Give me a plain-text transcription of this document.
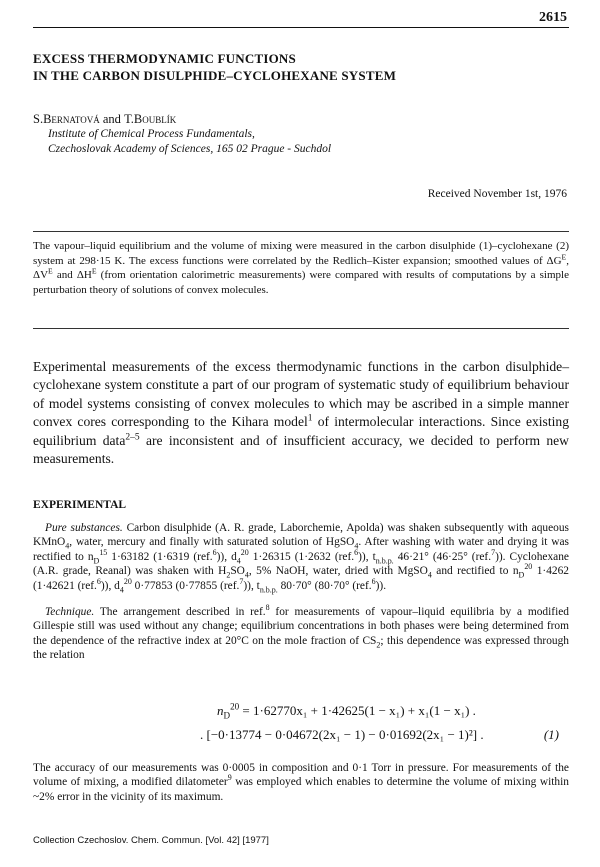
2615
EXCESS THERMODYNAMIC FUNCTIONS
IN THE CARBON DISULPHIDE–CYCLOHEXANE SYSTEM
S.Bernatová and T.Boublík
Institute of Chemical Process Fundamentals,
Czechoslovak Academy of Sciences, 165 02 Prague - Suchdol
Received November 1st, 1976
The vapour–liquid equilibrium and the volume of mixing were measured in the carbon disulphide (1)–cyclohexane (2) system at 298·15 K. The excess functions were correlated by the Redlich–Kister expansion; smoothed values of $\Delta G^E$, $\Delta V^E$ and $\Delta H^E$ (from orientation calorimetric measurements) were compared with results of computations by a simple perturbation theory of solutions of convex molecules.
Experimental measurements of the excess thermodynamic functions in the carbon disulphide–cyclohexane system constitute a part of our program of systematic study of equilibrium behaviour of model systems consisting of convex molecules to which may be ascribed in a simple manner convex cores corresponding to the Kihara model$^1$ of intermolecular interactions. Since existing equilibrium data$^{2-5}$ are inconsistent and of insufficient accuracy, we decided to perform new measurements.
EXPERIMENTAL

Pure substances. Carbon disulphide (A. R. grade, Laborchemie, Apolda) was shaken subsequently with aqueous KMnO$_4$, water, mercury and finally with saturated solution of HgSO$_4$. After washing with water and drying it was rectified to $n_D^{15}$ 1·63182 (1·6319 (ref.$^6$)), $d_4^{20}$ 1·26315 (1·2632 (ref.$^6$)), $t_{n.b.p.}$ 46·21° (46·25° (ref.$^7$)). Cyclohexane (A.R. grade, Reanal) was shaken with $H_2SO_4$, 5% NaOH, water, dried with MgSO$_4$ and rectified to $n_D^{20}$ 1·4262 (1·42621 (ref.$^6$)), $d_4^{20}$ 0·77853 (0·77855 (ref.$^7$)), $t_{n.b.p.}$ 80·70° (80·70° (ref.$^6$)).

Technique. The arrangement described in ref.$^8$ for measurements of vapour–liquid equilibria by a modified Gillespie still was used without any change; equilibrium concentrations in both phases were being determined from the dependence of the refractive index at 20°C on the mole fraction of $CS_2$; this dependence was expressed through the relation

$n_D^{20} = 1\cdot 62770x_1 + 1\cdot 42625(1 - x_1) + x_1(1 - x_1)$ .
. [−0·13774 − 0·04672(2x₁ − 1) − 0·01692(2x₁ − 1)²] .	(1)
The accuracy of our measurements was 0·0005 in composition and 0·1 Torr in pressure. For measurements of the volume of mixing, a modified dilatometer$^9$ was employed which enables to determine the volume of mixing within ~2% error in the vicinity of its maximum.
Collection Czechoslov. Chem. Commun. [Vol. 42] [1977]
